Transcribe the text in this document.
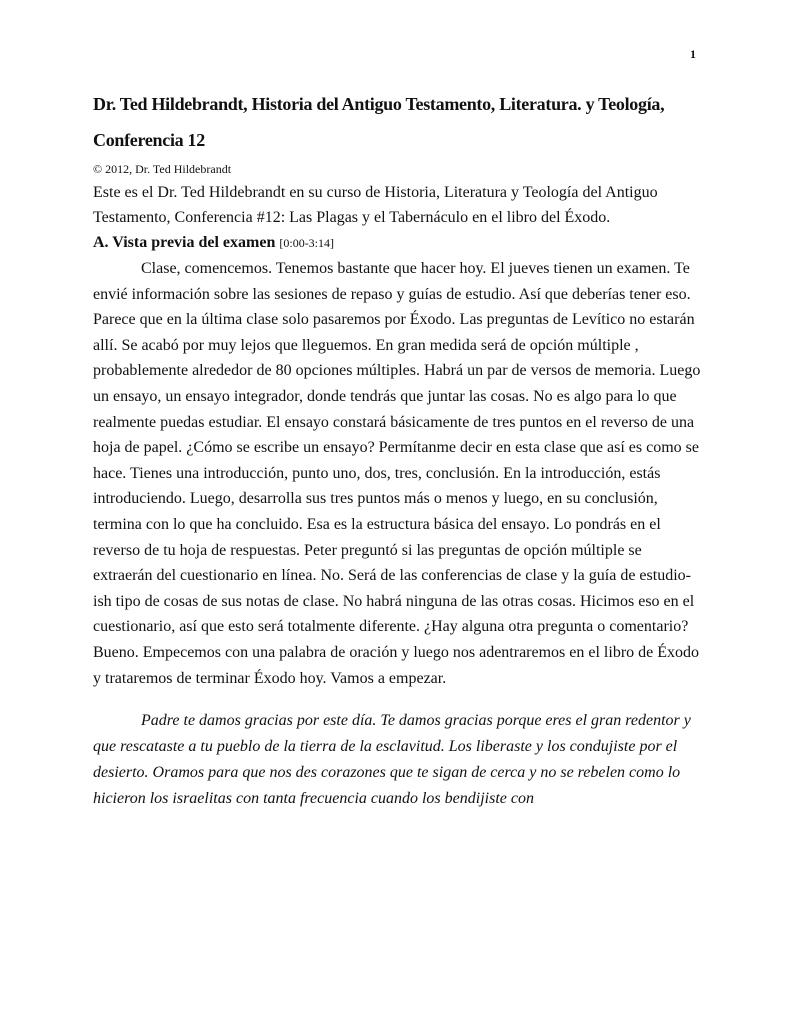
1
Dr. Ted Hildebrandt, Historia del Antiguo Testamento, Literatura. y Teología, Conferencia 12

© 2012, Dr. Ted Hildebrandt

Este es el Dr. Ted Hildebrandt en su curso de Historia, Literatura y Teología del Antiguo Testamento, Conferencia #12: Las Plagas y el Tabernáculo en el libro del Éxodo.

A. Vista previa del examen [0:00-3:14]

Clase, comencemos. Tenemos bastante que hacer hoy. El jueves tienen un examen. Te envié información sobre las sesiones de repaso y guías de estudio. Así que deberías tener eso. Parece que en la última clase solo pasaremos por Éxodo. Las preguntas de Levítico no estarán allí. Se acabó por muy lejos que lleguemos. En gran medida será de opción múltiple , probablemente alrededor de 80 opciones múltiples. Habrá un par de versos de memoria. Luego un ensayo, un ensayo integrador, donde tendrás que juntar las cosas. No es algo para lo que realmente puedas estudiar. El ensayo constará básicamente de tres puntos en el reverso de una hoja de papel. ¿Cómo se escribe un ensayo? Permítanme decir en esta clase que así es como se hace. Tienes una introducción, punto uno, dos, tres, conclusión. En la introducción, estás introduciendo. Luego, desarrolla sus tres puntos más o menos y luego, en su conclusión, termina con lo que ha concluido. Esa es la estructura básica del ensayo. Lo pondrás en el reverso de tu hoja de respuestas. Peter preguntó si las preguntas de opción múltiple se extraerán del cuestionario en línea. No. Será de las conferencias de clase y la guía de estudio-ish tipo de cosas de sus notas de clase. No habrá ninguna de las otras cosas. Hicimos eso en el cuestionario, así que esto será totalmente diferente. ¿Hay alguna otra pregunta o comentario? Bueno. Empecemos con una palabra de oración y luego nos adentraremos en el libro de Éxodo y trataremos de terminar Éxodo hoy. Vamos a empezar.

Padre te damos gracias por este día. Te damos gracias porque eres el gran redentor y que rescataste a tu pueblo de la tierra de la esclavitud. Los liberaste y los condujiste por el desierto. Oramos para que nos des corazones que te sigan de cerca y no se rebelen como lo hicieron los israelitas con tanta frecuencia cuando los bendijiste con
